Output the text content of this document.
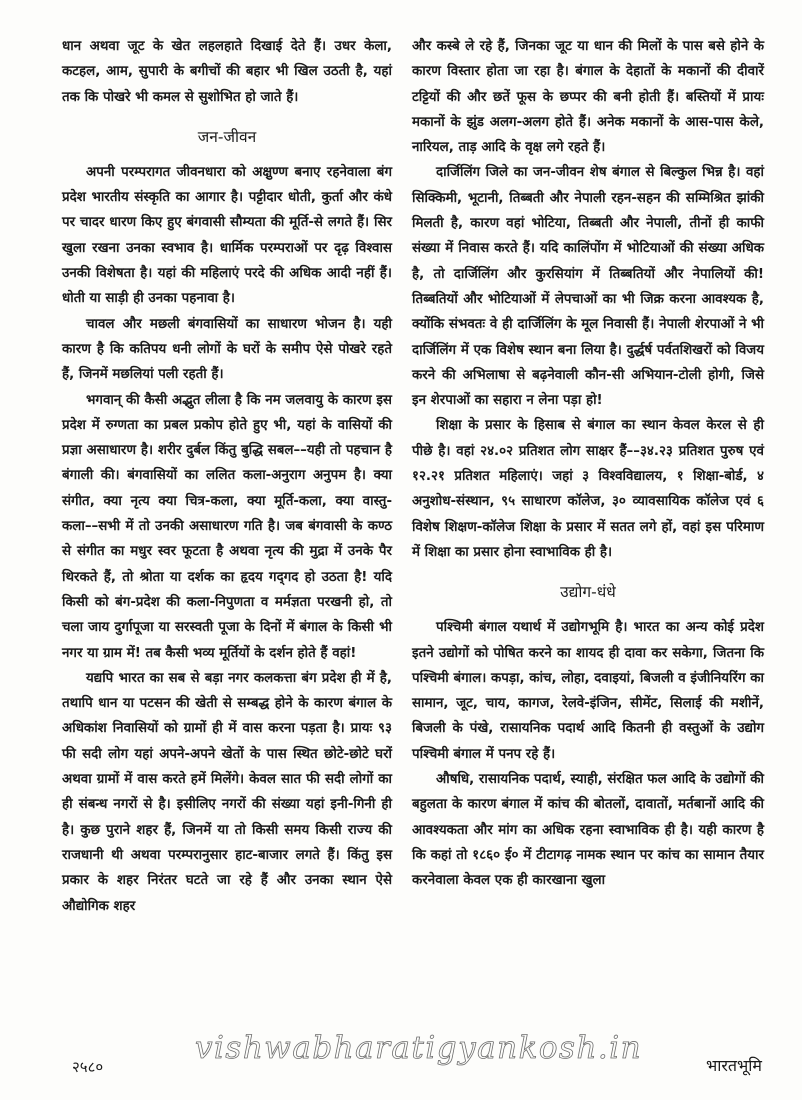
धान अथवा जूट के खेत लहलहाते दिखाई देते हैं। उधर केला, कटहल, आम, सुपारी के बगीचों की बहार भी खिल उठती है, यहां तक कि पोखरे भी कमल से सुशोभित हो जाते हैं।

जन-जीवन

अपनी परम्परागत जीवनधारा को अक्षुण्ण बनाए रहनेवाला बंग प्रदेश भारतीय संस्कृति का आगार है। पट्टीदार धोती, कुर्ता और कंधे पर चादर धारण किए हुए बंगवासी सौम्यता की मूर्ति-से लगते हैं। सिर खुला रखना उनका स्वभाव है। धार्मिक परम्पराओं पर दृढ़ विश्वास उनकी विशेषता है। यहां की महिलाएं परदे की अधिक आदी नहीं हैं। धोती या साड़ी ही उनका पहनावा है।

चावल और मछली बंगवासियों का साधारण भोजन है। यही कारण है कि कतिपय धनी लोगों के घरों के समीप ऐसे पोखरे रहते हैं, जिनमें मछलियां पली रहती हैं।

भगवान् की कैसी अद्भुत लीला है कि नम जलवायु के कारण इस प्रदेश में रुग्णता का प्रबल प्रकोप होते हुए भी, यहां के वासियों की प्रज्ञा असाधारण है। शरीर दुर्बल किंतु बुद्धि सबल––यही तो पहचान है बंगाली की। बंगवासियों का ललित कला-अनुराग अनुपम है। क्या संगीत, क्या नृत्य क्या चित्र-कला, क्या मूर्ति-कला, क्या वास्तु-कला––सभी में तो उनकी असाधारण गति है। जब बंगवासी के कण्ठ से संगीत का मधुर स्वर फूटता है अथवा नृत्य की मुद्रा में उनके पैर थिरकते हैं, तो श्रोता या दर्शक का हृदय गद्‌गद हो उठता है! यदि किसी को बंग-प्रदेश की कला-निपुणता व मर्मज्ञता परखनी हो, तो चला जाय दुर्गापूजा या सरस्वती पूजा के दिनों में बंगाल के किसी भी नगर या ग्राम में! तब कैसी भव्य मूर्तियों के दर्शन होते हैं वहां!

यद्यपि भारत का सब से बड़ा नगर कलकत्ता बंग प्रदेश ही में है, तथापि धान या पटसन की खेती से सम्बद्ध होने के कारण बंगाल के अधिकांश निवासियों को ग्रामों ही में वास करना पड़ता है। प्रायः ९३ फी सदी लोग यहां अपने-अपने खेतों के पास स्थित छोटे-छोटे घरों अथवा ग्रामों में वास करते हमें मिलेंगे। केवल सात फी सदी लोगों का ही संबन्ध नगरों से है। इसीलिए नगरों की संख्या यहां इनी-गिनी ही है। कुछ पुराने शहर हैं, जिनमें या तो किसी समय किसी राज्य की राजधानी थी अथवा परम्परानुसार हाट-बाजार लगते हैं। किंतु इस प्रकार के शहर निरंतर घटते जा रहे हैं और उनका स्थान ऐसे औद्योगिक शहर

और कस्बे ले रहे हैं, जिनका जूट या धान की मिलों के पास बसे होने के कारण विस्तार होता जा रहा है। बंगाल के देहातों के मकानों की दीवारें टट्टियों की और छतें फूस के छप्पर की बनी होती हैं। बस्तियों में प्रायः मकानों के झुंड अलग-अलग होते हैं। अनेक मकानों के आस-पास केले, नारियल, ताड़ आदि के वृक्ष लगे रहते हैं।

दार्जिलिंग जिले का जन-जीवन शेष बंगाल से बिल्कुल भिन्न है। वहां सिक्किमी, भूटानी, तिब्बती और नेपाली रहन-सहन की सम्मिश्रित झांकी मिलती है, कारण वहां भोटिया, तिब्बती और नेपाली, तीनों ही काफी संख्या में निवास करते हैं। यदि कालिंपोंग में भोटियाओं की संख्या अधिक है, तो दार्जिलिंग और कुरसियांग में तिब्बतियों और नेपालियों की! तिब्बतियों और भोटियाओं में लेपचाओं का भी जिक्र करना आवश्यक है, क्योंकि संभवतः वे ही दार्जिलिंग के मूल निवासी हैं। नेपाली शेरपाओं ने भी दार्जिलिंग में एक विशेष स्थान बना लिया है। दुर्द्धर्ष पर्वतशिखरों को विजय करने की अभिलाषा से बढ़नेवाली कौन-सी अभियान-टोली होगी, जिसे इन शेरपाओं का सहारा न लेना पड़ा हो!

शिक्षा के प्रसार के हिसाब से बंगाल का स्थान केवल केरल से ही पीछे है। वहां २४.०२ प्रतिशत लोग साक्षर हैं––३४.२३ प्रतिशत पुरुष एवं १२.२१ प्रतिशत महिलाएं। जहां ३ विश्वविद्यालय, १ शिक्षा-बोर्ड, ४ अनुशोध-संस्थान, ९५ साधारण कॉलेज, ३० व्यावसायिक कॉलेज एवं ६ विशेष शिक्षण-कॉलेज शिक्षा के प्रसार में सतत लगे हों, वहां इस परिमाण में शिक्षा का प्रसार होना स्वाभाविक ही है।

उद्योग-धंधे

पश्चिमी बंगाल यथार्थ में उद्योगभूमि है। भारत का अन्य कोई प्रदेश इतने उद्योगों को पोषित करने का शायद ही दावा कर सकेगा, जितना कि पश्चिमी बंगाल। कपड़ा, कांच, लोहा, दवाइयां, बिजली व इंजीनियरिंग का सामान, जूट, चाय, कागज, रेलवे-इंजिन, सीमेंट, सिलाई की मशीनें, बिजली के पंखे, रासायनिक पदार्थ आदि कितनी ही वस्तुओं के उद्योग पश्चिमी बंगाल में पनप रहे हैं।

औषधि, रासायनिक पदार्थ, स्याही, संरक्षित फल आदि के उद्योगों की बहुलता के कारण बंगाल में कांच की बोतलों, दावातों, मर्तबानों आदि की आवश्यकता और मांग का अधिक रहना स्वाभाविक ही है। यही कारण है कि कहां तो १८६० ई० में टीटागढ़ नामक स्थान पर कांच का सामान तैयार करनेवाला केवल एक ही कारखाना खुला

vishwabharatigyankosh.in
२५८०	भारतभूमि
